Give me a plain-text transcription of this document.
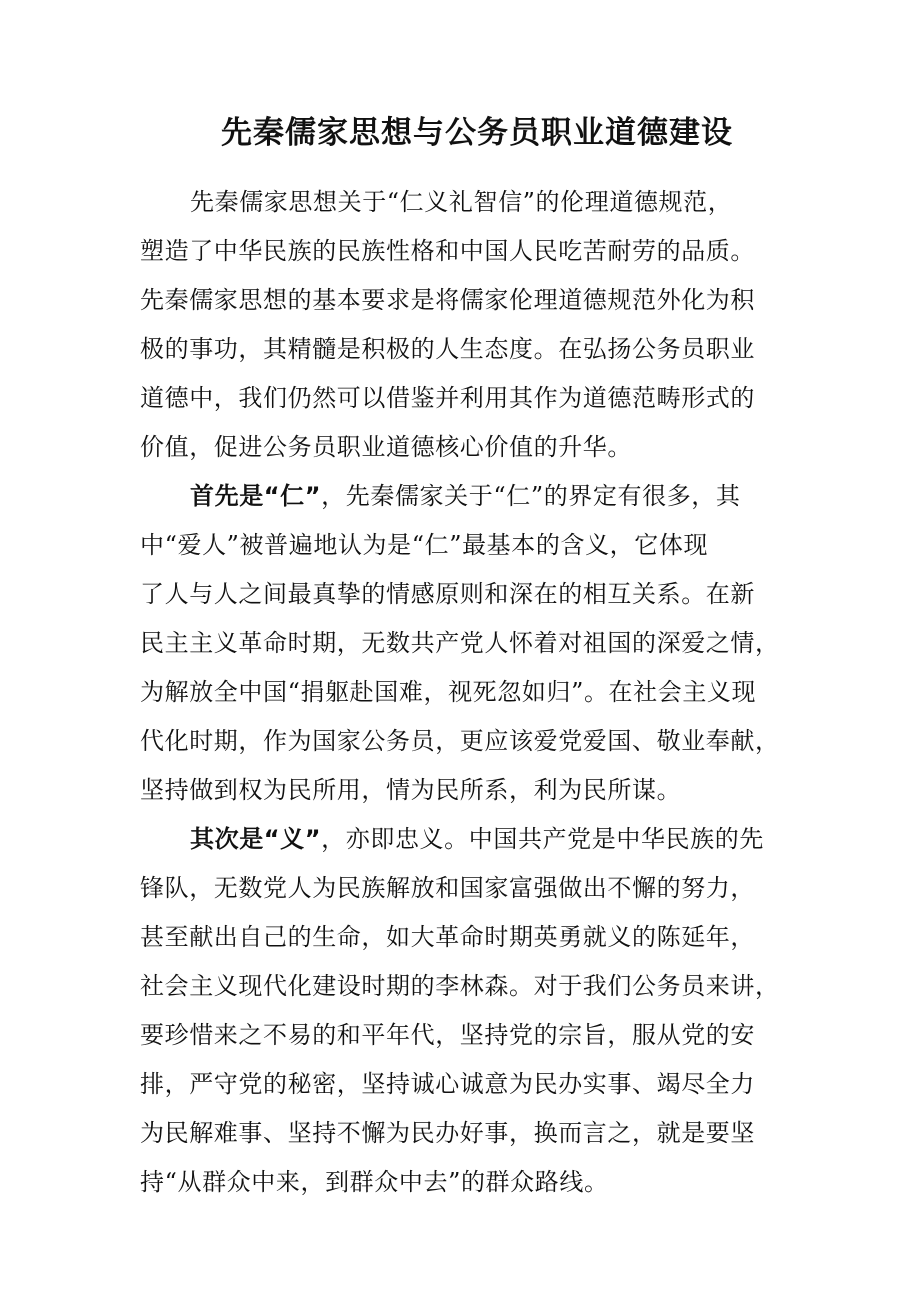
先秦儒家思想与公务员职业道德建设
先秦儒家思想关于“仁义礼智信”的伦理道德规范，
塑造了中华民族的民族性格和中国人民吃苦耐劳的品质。
先秦儒家思想的基本要求是将儒家伦理道德规范外化为积
极的事功，其精髓是积极的人生态度。在弘扬公务员职业
道德中，我们仍然可以借鉴并利用其作为道德范畴形式的
价值，促进公务员职业道德核心价值的升华。
首先是“仁”，先秦儒家关于“仁”的界定有很多，其
中“爱人”被普遍地认为是“仁”最基本的含义，它体现
了人与人之间最真挚的情感原则和深在的相互关系。在新
民主主义革命时期，无数共产党人怀着对祖国的深爱之情，
为解放全中国“捐躯赴国难，视死忽如归”。在社会主义现
代化时期，作为国家公务员，更应该爱党爱国、敬业奉献，
坚持做到权为民所用，情为民所系，利为民所谋。
其次是“义”，亦即忠义。中国共产党是中华民族的先
锋队，无数党人为民族解放和国家富强做出不懈的努力，
甚至献出自己的生命，如大革命时期英勇就义的陈延年，
社会主义现代化建设时期的李林森。对于我们公务员来讲，
要珍惜来之不易的和平年代，坚持党的宗旨，服从党的安
排，严守党的秘密，坚持诚心诚意为民办实事、竭尽全力
为民解难事、坚持不懈为民办好事，换而言之，就是要坚
持“从群众中来，到群众中去”的群众路线。
